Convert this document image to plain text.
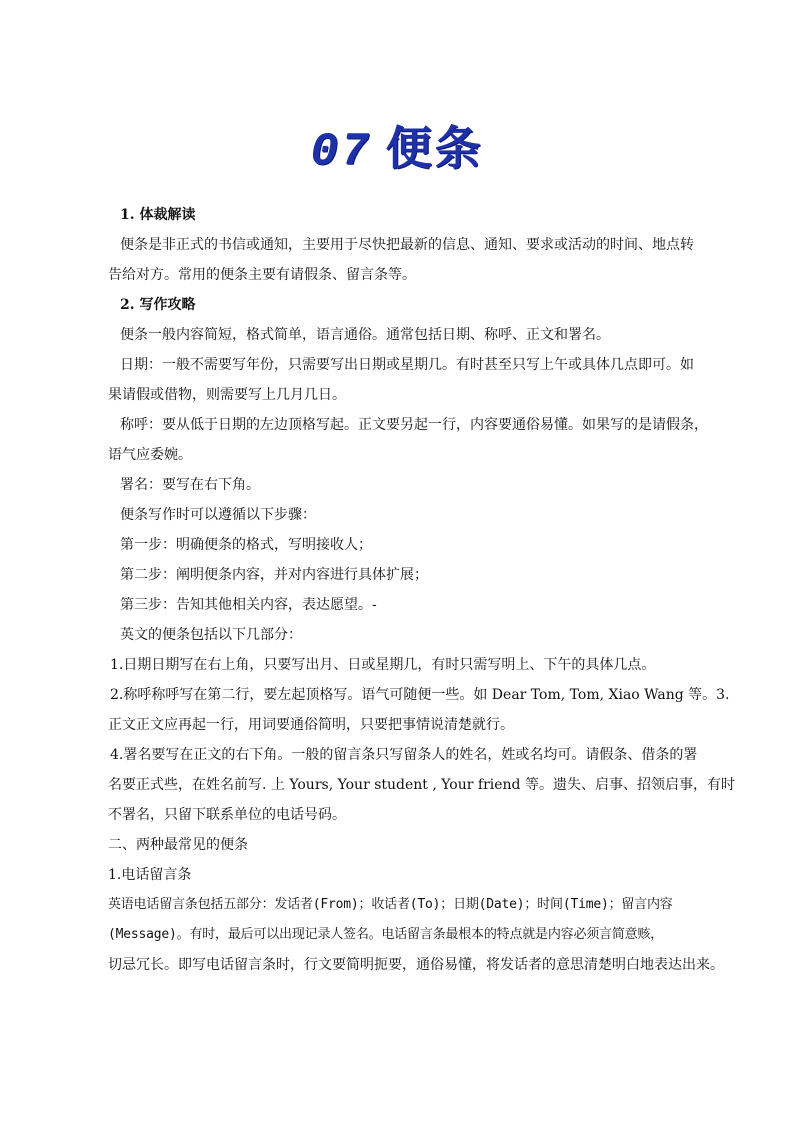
07 便条
1. 体裁解读
便条是非正式的书信或通知，主要用于尽快把最新的信息、通知、要求或活动的时间、地点转
告给对方。常用的便条主要有请假条、留言条等。
2. 写作攻略
便条一般内容简短，格式简单，语言通俗。通常包括日期、称呼、正文和署名。
日期：一般不需要写年份，只需要写出日期或星期几。有时甚至只写上午或具体几点即可。如
果请假或借物，则需要写上几月几日。
称呼：要从低于日期的左边顶格写起。正文要另起一行，内容要通俗易懂。如果写的是请假条，
语气应委婉。
署名：要写在右下角。
便条写作时可以遵循以下步骤：
第一步：明确便条的格式，写明接收人；
第二步：阐明便条内容，并对内容进行具体扩展；
第三步：告知其他相关内容，表达愿望。-
英文的便条包括以下几部分：
1.日期日期写在右上角，只要写出月、日或星期几，有时只需写明上、下午的具体几点。
2.称呼称呼写在第二行，要左起顶格写。语气可随便一些。如 Dear Tom, Tom, Xiao Wang 等。3.
正文正文应再起一行，用词要通俗简明，只要把事情说清楚就行。
4.署名要写在正文的右下角。一般的留言条只写留条人的姓名，姓或名均可。请假条、借条的署
名要正式些，在姓名前写. 上 Yours, Your student , Your friend 等。遗失、启事、招领启事，有时
不署名，只留下联系单位的电话号码。
二、两种最常见的便条
1.电话留言条
英语电话留言条包括五部分：发话者(From)；收话者(To)；日期(Date)；时间(Time)；留言内容
(Message)。有时，最后可以出现记录人签名。电话留言条最根本的特点就是内容必须言简意赅，
切忌冗长。即写电话留言条时，行文要简明扼要，通俗易懂，将发话者的意思清楚明白地表达出来。
